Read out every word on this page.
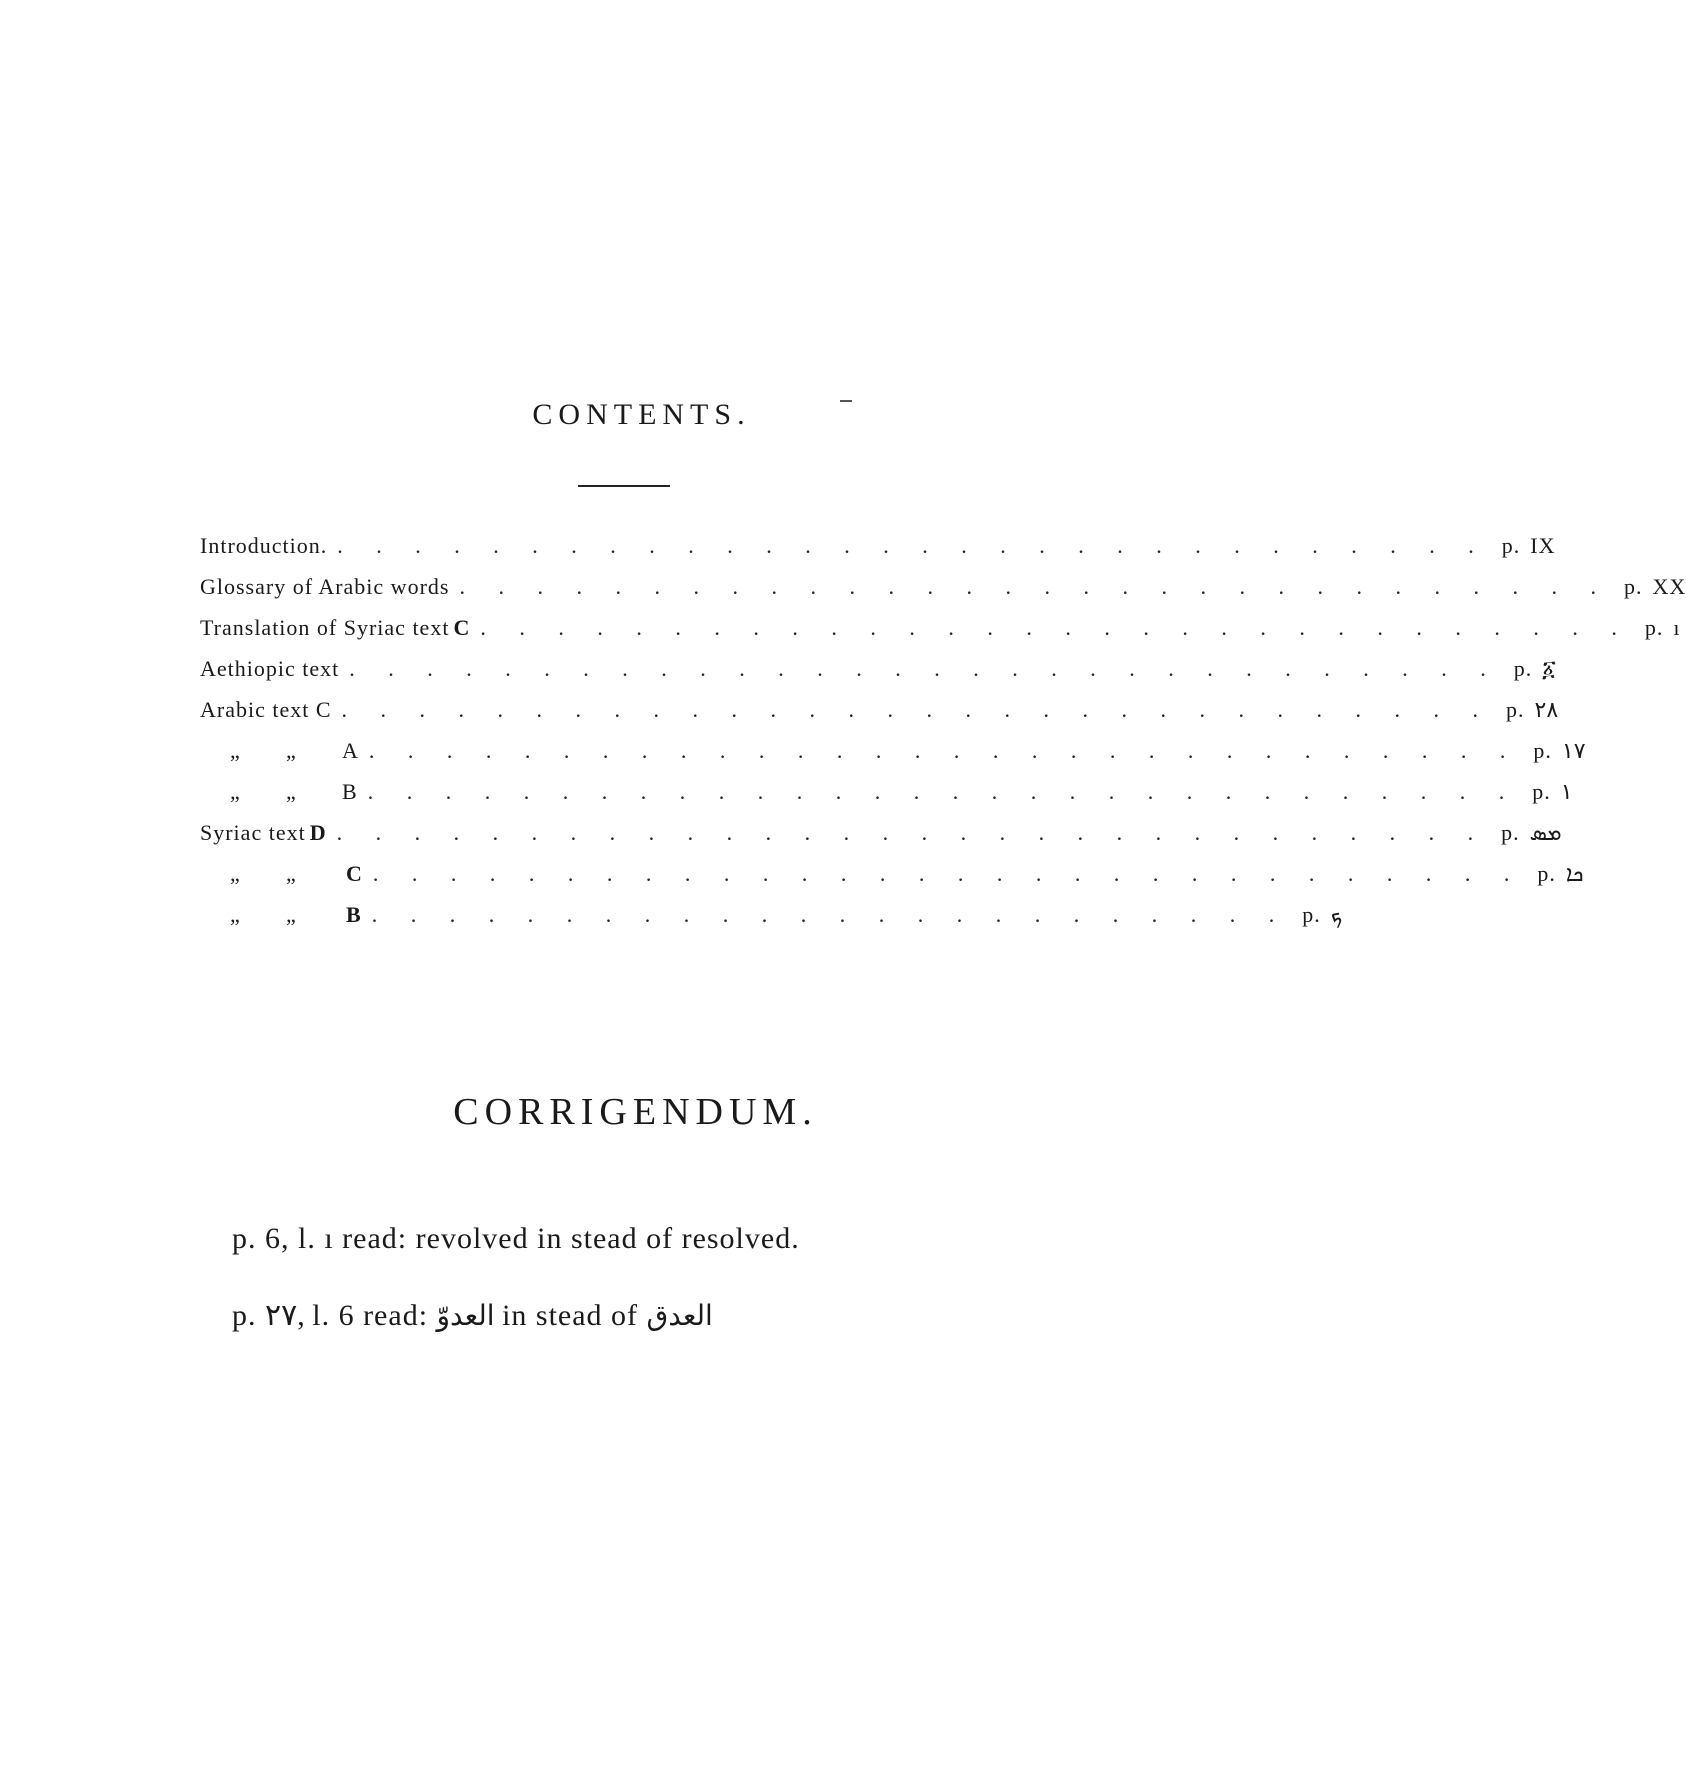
CONTENTS.
Introduction. . . . . . . . . . . . . . . . . . . . . . . . . . . . . . . p. IX
Glossary of Arabic words . . . . . . . . . . . . . . . . . . . . . . . . . . . . . . p. XX
Translation of Syriac text C . . . . . . . . . . . . . . . . . . . . . . . . . . . . . . p. ı
Aethiopic text . . . . . . . . . . . . . . . . . . . . . . . . . . . . . . p. ፩
Arabic text C . . . . . . . . . . . . . . . . . . . . . . . . . . . . . . p. ٢٨
„ „ A . . . . . . . . . . . . . . . . . . . . . . . . . . . . . . p. ١٧
„ „ B . . . . . . . . . . . . . . . . . . . . . . . . . . . . . . p. ١
Syriac text D . . . . . . . . . . . . . . . . . . . . . . . . . . . . . . p. ܡܣ
„ „ C . . . . . . . . . . . . . . . . . . . . . . . . . . . . . . p. ܟܐ
„ „ B . . . . . . . . . . . . . . . . . . . . . . . . p. ܟ
CORRIGENDUM.
p. 6, l. ı read: revolved in stead of resolved.
p. ٢٧, l. 6 read: العدوّ in stead of العدق
